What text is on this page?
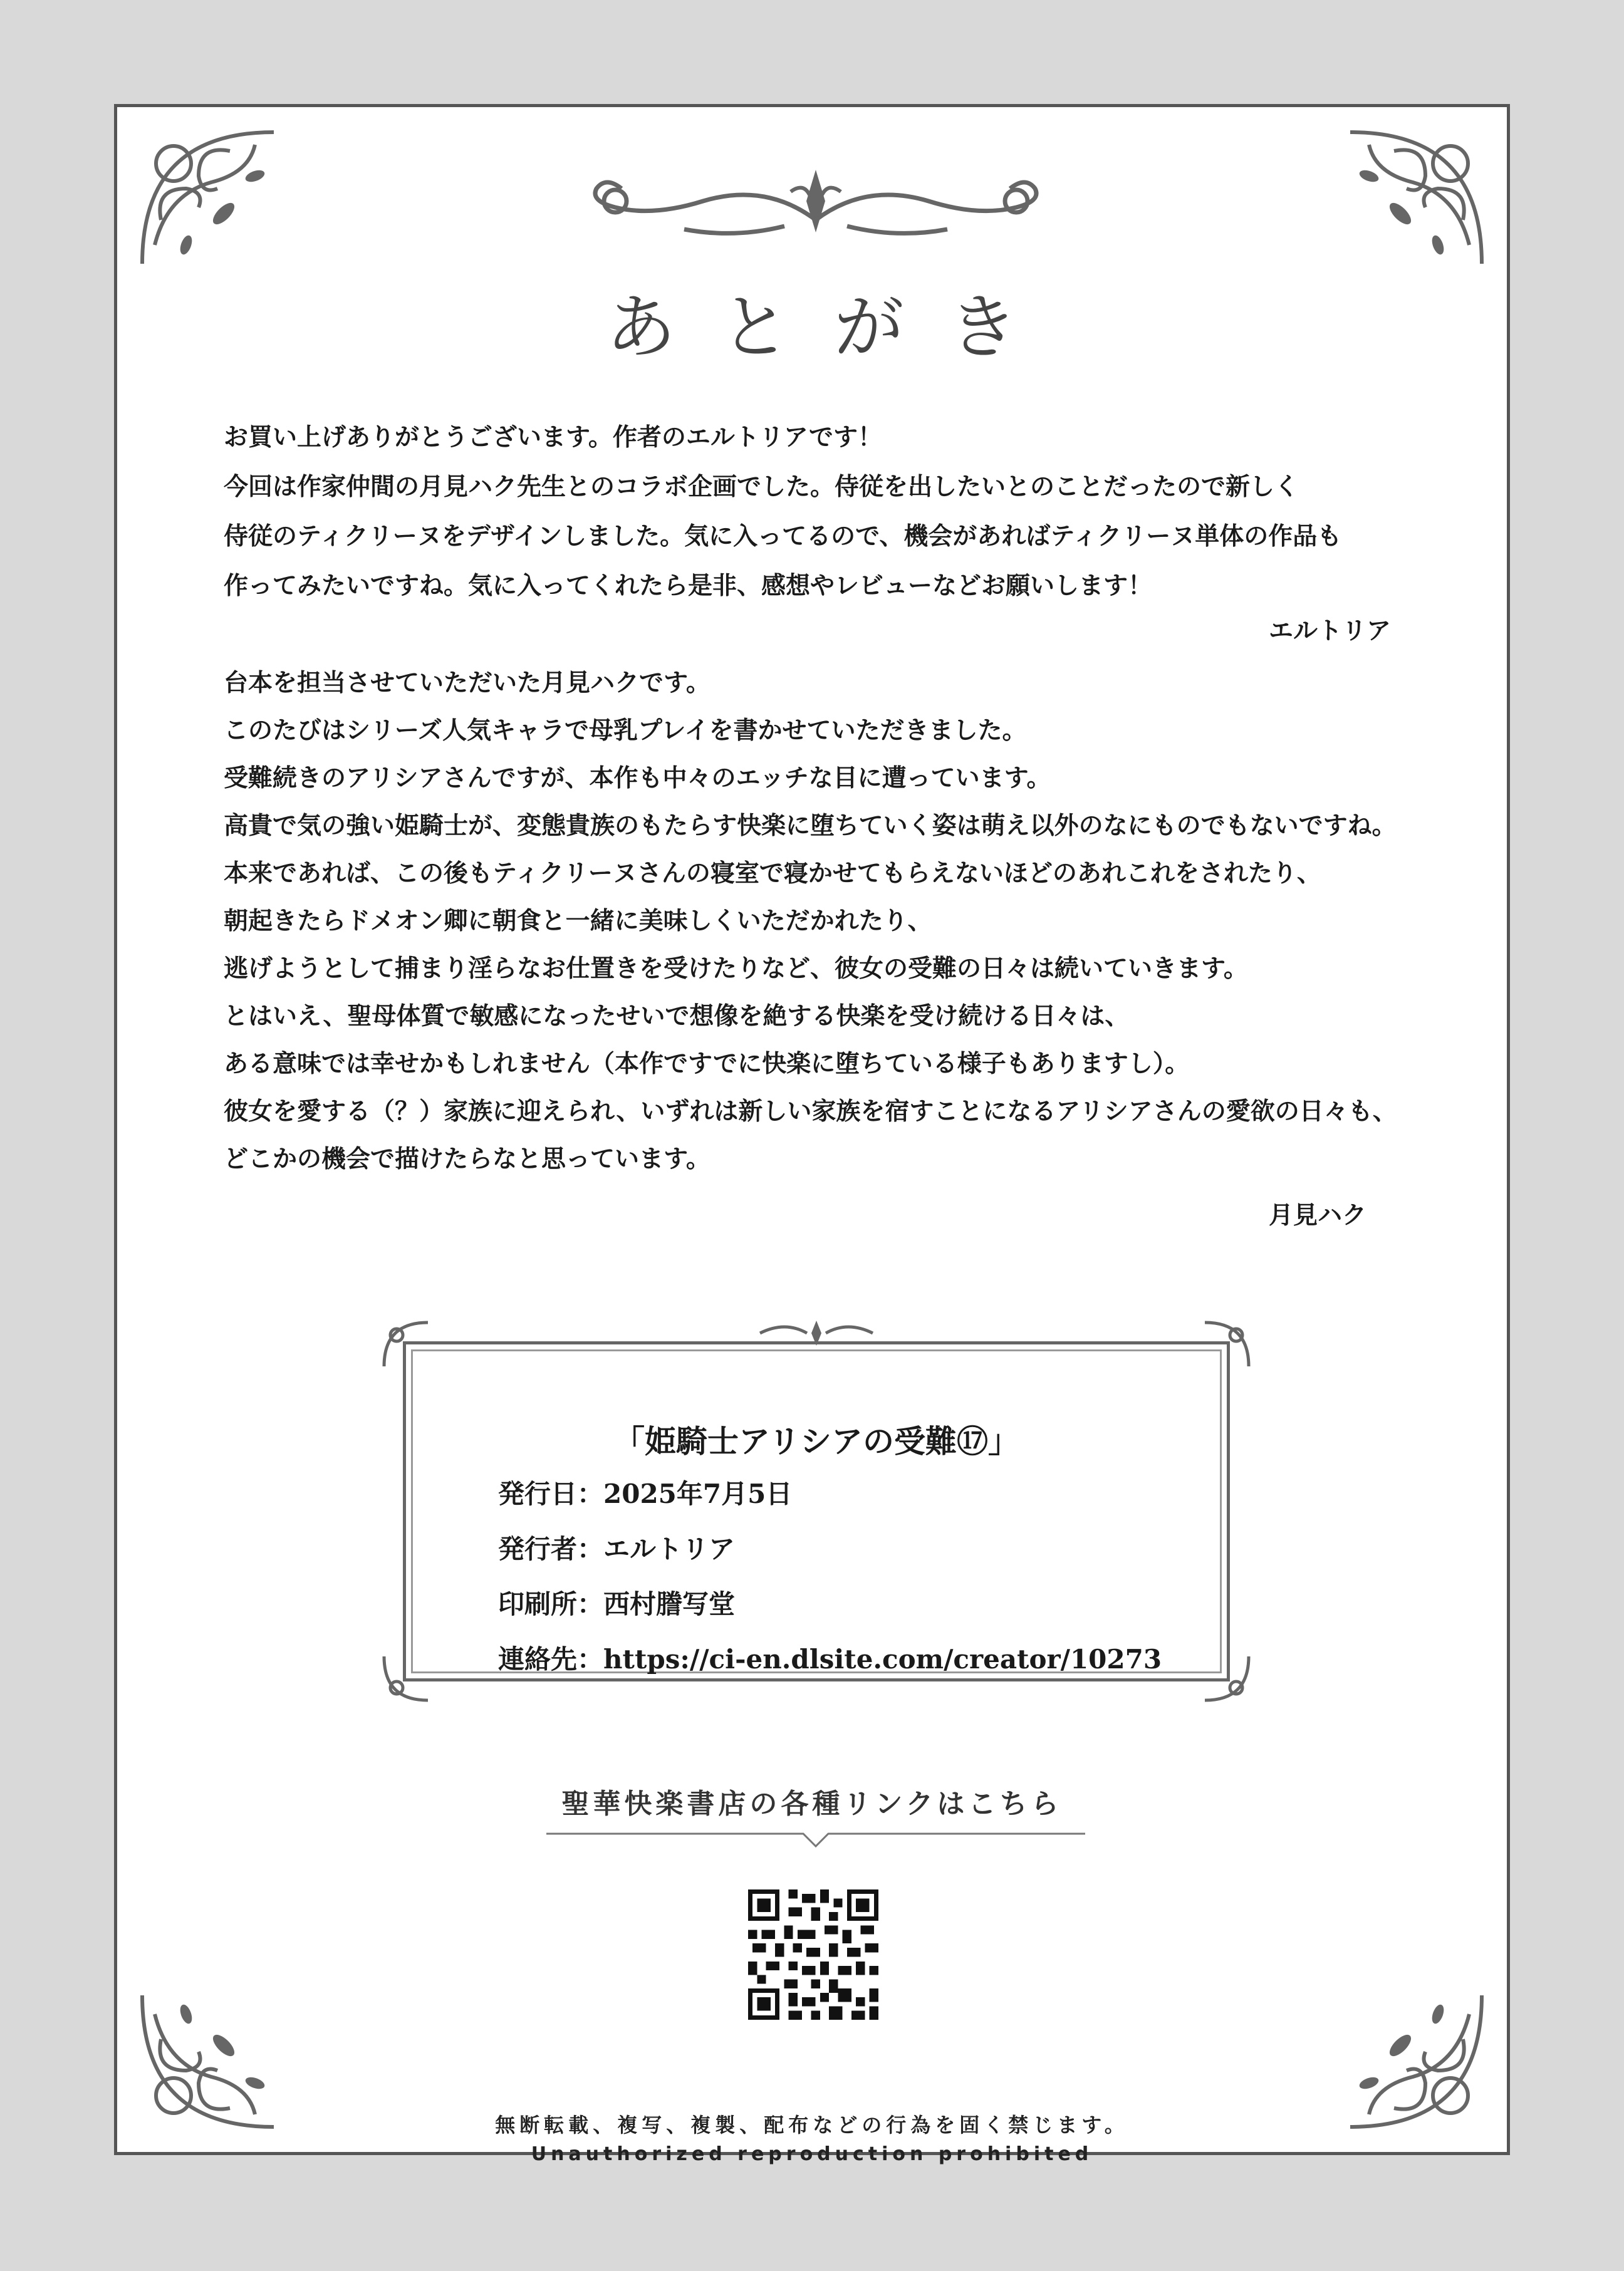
あとがき

お買い上げありがとうございます。作者のエルトリアです！

今回は作家仲間の月見ハク先生とのコラボ企画でした。侍従を出したいとのことだったので新しく

侍従のティクリーヌをデザインしました。気に入ってるので、機会があればティクリーヌ単体の作品も

作ってみたいですね。気に入ってくれたら是非、感想やレビューなどお願いします！

エルトリア

台本を担当させていただいた月見ハクです。

このたびはシリーズ人気キャラで母乳プレイを書かせていただきました。

受難続きのアリシアさんですが、本作も中々のエッチな目に遭っています。

高貴で気の強い姫騎士が、変態貴族のもたらす快楽に堕ちていく姿は萌え以外のなにものでもないですね。

本来であれば、この後もティクリーヌさんの寝室で寝かせてもらえないほどのあれこれをされたり、

朝起きたらドメオン卿に朝食と一緒に美味しくいただかれたり、

逃げようとして捕まり淫らなお仕置きを受けたりなど、彼女の受難の日々は続いていきます。

とはいえ、聖母体質で敏感になったせいで想像を絶する快楽を受け続ける日々は、

ある意味では幸せかもしれません（本作ですでに快楽に堕ちている様子もありますし）。

彼女を愛する（？）家族に迎えられ、いずれは新しい家族を宿すことになるアリシアさんの愛欲の日々も、

どこかの機会で描けたらなと思っています。

月見ハク
「姫騎士アリシアの受難⑰」
発行日：2025年7月5日
発行者：エルトリア
印刷所：西村謄写堂
連絡先：https://ci-en.dlsite.com/creator/10273
聖華快楽書店の各種リンクはこちら
無断転載、複写、複製、配布などの行為を固く禁じます。
Unauthorized reproduction prohibited
